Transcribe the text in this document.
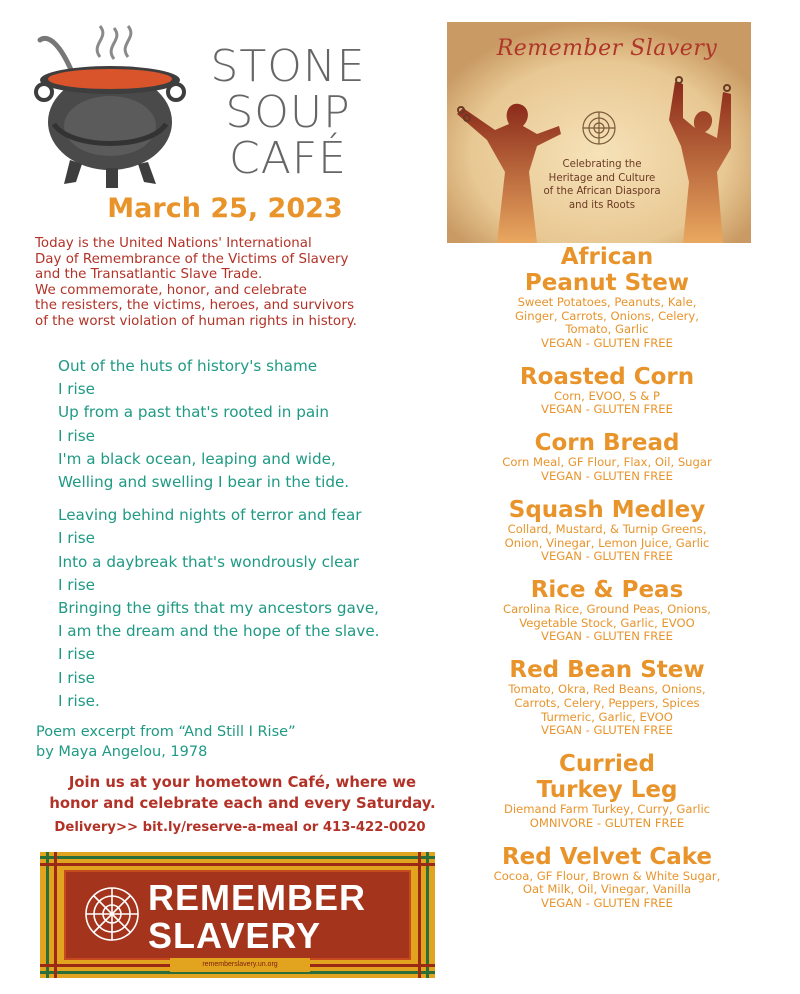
STONE
SOUP
CAFÉ
March 25, 2023
Today is the United Nations' International
Day of Remembrance of the Victims of Slavery
and the Transatlantic Slave Trade.
We commemorate, honor, and celebrate
the resisters, the victims, heroes, and survivors
of the worst violation of human rights in history.
Out of the huts of history's shame
I rise
Up from a past that's rooted in pain
I rise
I'm a black ocean, leaping and wide,
Welling and swelling I bear in the tide.
Leaving behind nights of terror and fear
I rise
Into a daybreak that's wondrously clear
I rise
Bringing the gifts that my ancestors gave,
I am the dream and the hope of the slave.
I rise
I rise
I rise.
Poem excerpt from “And Still I Rise”
by Maya Angelou, 1978
Join us at your hometown Café, where we
honor and celebrate each and every Saturday.
Delivery>> bit.ly/reserve-a-meal or 413-422-0020
REMEMBER
SLAVERY
rememberslavery.un.org
Remember Slavery
Celebrating the
Heritage and Culture
of the African Diaspora
and its Roots
African
Peanut Stew
Sweet Potatoes, Peanuts, Kale,
Ginger, Carrots, Onions, Celery,
Tomato, Garlic
VEGAN - GLUTEN FREE
Roasted Corn
Corn, EVOO, S & P
VEGAN - GLUTEN FREE
Corn Bread
Corn Meal, GF Flour, Flax, Oil, Sugar
VEGAN - GLUTEN FREE
Squash Medley
Collard, Mustard, & Turnip Greens,
Onion, Vinegar, Lemon Juice, Garlic
VEGAN - GLUTEN FREE
Rice & Peas
Carolina Rice, Ground Peas, Onions,
Vegetable Stock, Garlic, EVOO
VEGAN - GLUTEN FREE
Red Bean Stew
Tomato, Okra, Red Beans, Onions,
Carrots, Celery, Peppers, Spices
Turmeric, Garlic, EVOO
VEGAN - GLUTEN FREE
Curried
Turkey Leg
Diemand Farm Turkey, Curry, Garlic
OMNIVORE - GLUTEN FREE
Red Velvet Cake
Cocoa, GF Flour, Brown & White Sugar,
Oat Milk, Oil, Vinegar, Vanilla
VEGAN - GLUTEN FREE
